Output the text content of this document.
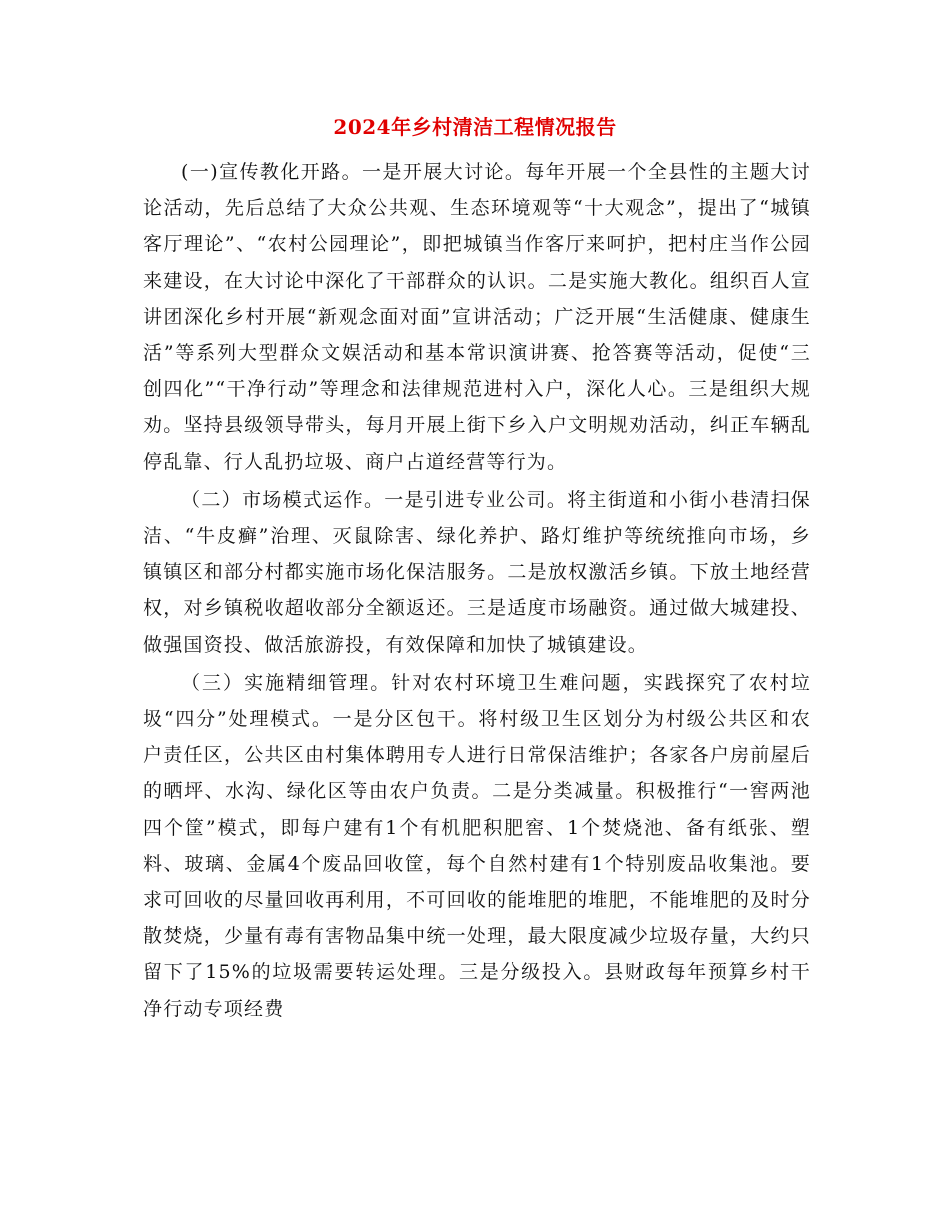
2024年乡村清洁工程情况报告

(一)宣传教化开路。一是开展大讨论。每年开展一个全县性的主题大讨论活动，先后总结了大众公共观、生态环境观等“十大观念”，提出了“城镇客厅理论”、“农村公园理论”，即把城镇当作客厅来呵护，把村庄当作公园来建设，在大讨论中深化了干部群众的认识。二是实施大教化。组织百人宣讲团深化乡村开展“新观念面对面”宣讲活动；广泛开展“生活健康、健康生活”等系列大型群众文娱活动和基本常识演讲赛、抢答赛等活动，促使“三创四化”“干净行动”等理念和法律规范进村入户，深化人心。三是组织大规劝。坚持县级领导带头，每月开展上街下乡入户文明规劝活动，纠正车辆乱停乱靠、行人乱扔垃圾、商户占道经营等行为。

（二）市场模式运作。一是引进专业公司。将主街道和小街小巷清扫保洁、“牛皮癣”治理、灭鼠除害、绿化养护、路灯维护等统统推向市场，乡镇镇区和部分村都实施市场化保洁服务。二是放权激活乡镇。下放土地经营权，对乡镇税收超收部分全额返还。三是适度市场融资。通过做大城建投、做强国资投、做活旅游投，有效保障和加快了城镇建设。

（三）实施精细管理。针对农村环境卫生难问题，实践探究了农村垃圾“四分”处理模式。一是分区包干。将村级卫生区划分为村级公共区和农户责任区，公共区由村集体聘用专人进行日常保洁维护；各家各户房前屋后的晒坪、水沟、绿化区等由农户负责。二是分类减量。积极推行“一窖两池四个筐”模式，即每户建有1个有机肥积肥窖、1个焚烧池、备有纸张、塑料、玻璃、金属4个废品回收筐，每个自然村建有1个特别废品收集池。要求可回收的尽量回收再利用，不可回收的能堆肥的堆肥，不能堆肥的及时分散焚烧，少量有毒有害物品集中统一处理，最大限度减少垃圾存量，大约只留下了15%的垃圾需要转运处理。三是分级投入。县财政每年预算乡村干净行动专项经费
